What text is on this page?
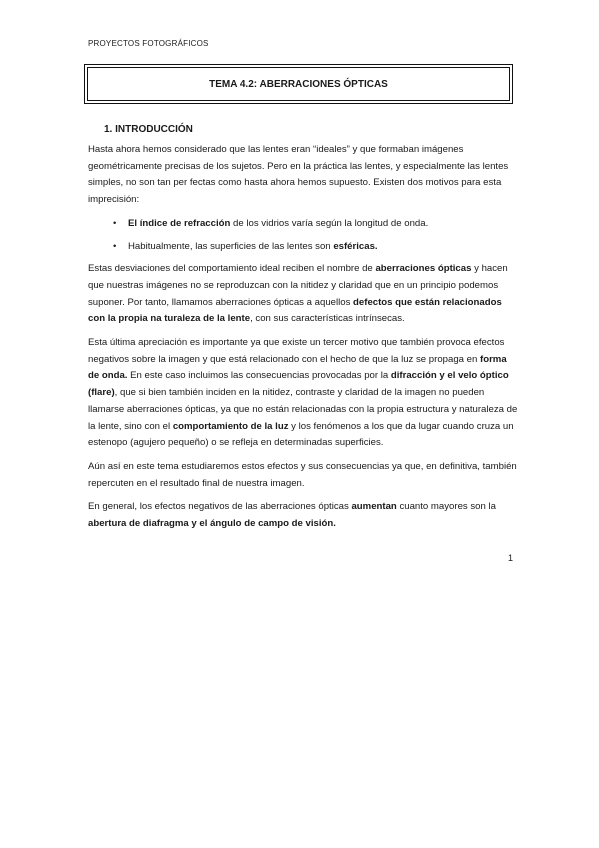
PROYECTOS FOTOGRÁFICOS
TEMA 4.2: ABERRACIONES ÓPTICAS
1. INTRODUCCIÓN

Hasta ahora hemos considerado que las lentes eran “ideales” y que formaban imágenes geométricamente precisas de los sujetos. Pero en la práctica las lentes, y especialmente las lentes simples, no son tan per fectas como hasta ahora hemos supuesto. Existen dos motivos para esta imprecisión:

• El índice de refracción de los vidrios varía según la longitud de onda.
• Habitualmente, las superficies de las lentes son esféricas.

Estas desviaciones del comportamiento ideal reciben el nombre de aberraciones ópticas y hacen que nuestras imágenes no se reproduzcan con la nitidez y claridad que en un principio podemos suponer. Por tanto, llamamos aberraciones ópticas a aquellos defectos que están relacionados con la propia na turaleza de la lente, con sus características intrínsecas.

Esta última apreciación es importante ya que existe un tercer motivo que también provoca efectos negativos sobre la imagen y que está relacionado con el hecho de que la luz se propaga en forma de onda. En este caso incluimos las consecuencias provocadas por la difracción y el velo óptico (flare), que si bien también inciden en la nitidez, contraste y claridad de la imagen no pueden llamarse aberraciones ópticas, ya que no están relacionadas con la propia estructura y naturaleza de la lente, sino con el comportamiento de la luz y los fenómenos a los que da lugar cuando cruza un estenopo (agujero pequeño) o se refleja en determinadas superficies.

Aún así en este tema estudiaremos estos efectos y sus consecuencias ya que, en definitiva, también repercuten en el resultado final de nuestra imagen.

En general, los efectos negativos de las aberraciones ópticas aumentan cuanto mayores son la abertura de diafragma y el ángulo de campo de visión.

1
